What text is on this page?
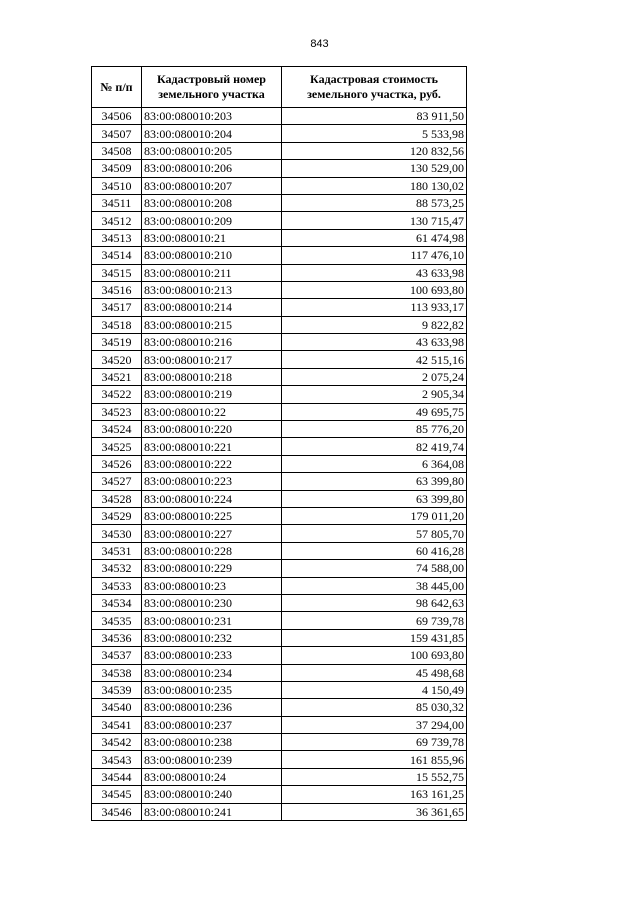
843
№ п/п	Кадастровый номер земельного участка	Кадастровая стоимость земельного участка, руб.
34506	83:00:080010:203	83 911,50
34507	83:00:080010:204	5 533,98
34508	83:00:080010:205	120 832,56
34509	83:00:080010:206	130 529,00
34510	83:00:080010:207	180 130,02
34511	83:00:080010:208	88 573,25
34512	83:00:080010:209	130 715,47
34513	83:00:080010:21	61 474,98
34514	83:00:080010:210	117 476,10
34515	83:00:080010:211	43 633,98
34516	83:00:080010:213	100 693,80
34517	83:00:080010:214	113 933,17
34518	83:00:080010:215	9 822,82
34519	83:00:080010:216	43 633,98
34520	83:00:080010:217	42 515,16
34521	83:00:080010:218	2 075,24
34522	83:00:080010:219	2 905,34
34523	83:00:080010:22	49 695,75
34524	83:00:080010:220	85 776,20
34525	83:00:080010:221	82 419,74
34526	83:00:080010:222	6 364,08
34527	83:00:080010:223	63 399,80
34528	83:00:080010:224	63 399,80
34529	83:00:080010:225	179 011,20
34530	83:00:080010:227	57 805,70
34531	83:00:080010:228	60 416,28
34532	83:00:080010:229	74 588,00
34533	83:00:080010:23	38 445,00
34534	83:00:080010:230	98 642,63
34535	83:00:080010:231	69 739,78
34536	83:00:080010:232	159 431,85
34537	83:00:080010:233	100 693,80
34538	83:00:080010:234	45 498,68
34539	83:00:080010:235	4 150,49
34540	83:00:080010:236	85 030,32
34541	83:00:080010:237	37 294,00
34542	83:00:080010:238	69 739,78
34543	83:00:080010:239	161 855,96
34544	83:00:080010:24	15 552,75
34545	83:00:080010:240	163 161,25
34546	83:00:080010:241	36 361,65
